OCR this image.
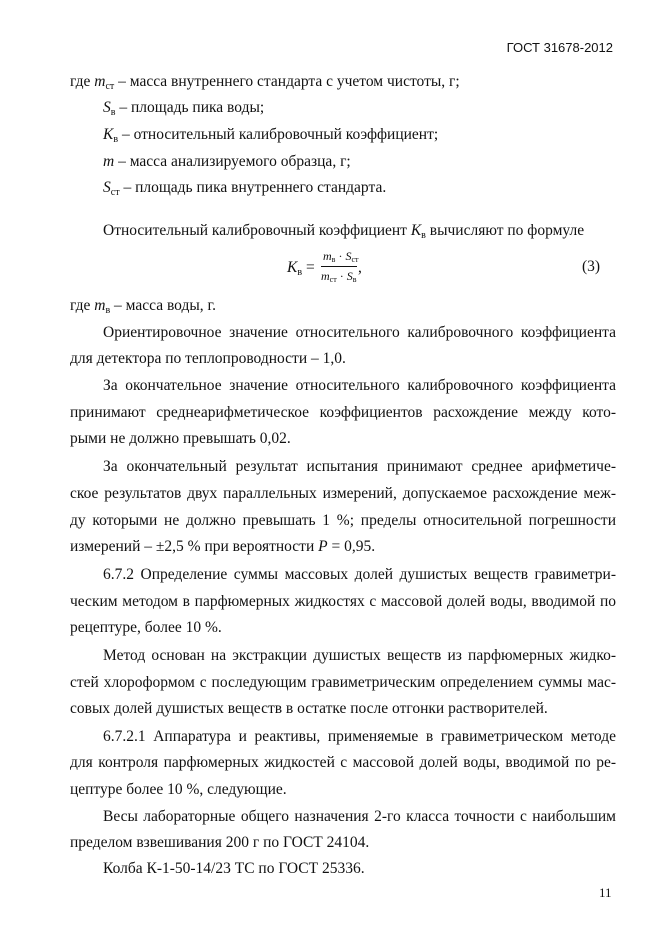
ГОСТ 31678-2012
где $m_{ст}$ – масса внутреннего стандарта с учетом чистоты, г;
$S_в$ – площадь пика воды;
$K_в$ – относительный калибровочный коэффициент;
m – масса анализируемого образца, г;
$S_{ст}$ – площадь пика внутреннего стандарта.
Относительный калибровочный коэффициент $K_в$ вычисляют по формуле
$K_в$ =
mв · Sст
mст · Sв
,
(3)
где $m_в$ – масса воды, г.
Ориентировочное значение относительного калибровочного коэффициента
для детектора по теплопроводности – 1,0.
За окончательное значение относительного калибровочного коэффициента
принимают среднеарифметическое коэффициентов расхождение между кото-
рыми не должно превышать 0,02.
За окончательный результат испытания принимают среднее арифметиче-
ское результатов двух параллельных измерений, допускаемое расхождение меж-
ду которыми не должно превышать 1 %; пределы относительной погрешности
измерений – ±2,5 % при вероятности P = 0,95.
6.7.2 Определение суммы массовых долей душистых веществ гравиметри-
ческим методом в парфюмерных жидкостях с массовой долей воды, вводимой по
рецептуре, более 10 %.
Метод основан на экстракции душистых веществ из парфюмерных жидко-
стей хлороформом с последующим гравиметрическим определением суммы мас-
совых долей душистых веществ в остатке после отгонки растворителей.
6.7.2.1 Аппаратура и реактивы, применяемые в гравиметрическом методе
для контроля парфюмерных жидкостей с массовой долей воды, вводимой по ре-
цептуре более 10 %, следующие.
Весы лабораторные общего назначения 2-го класса точности с наибольшим
пределом взвешивания 200 г по ГОСТ 24104.
Колба К-1-50-14/23 ТС по ГОСТ 25336.
11
